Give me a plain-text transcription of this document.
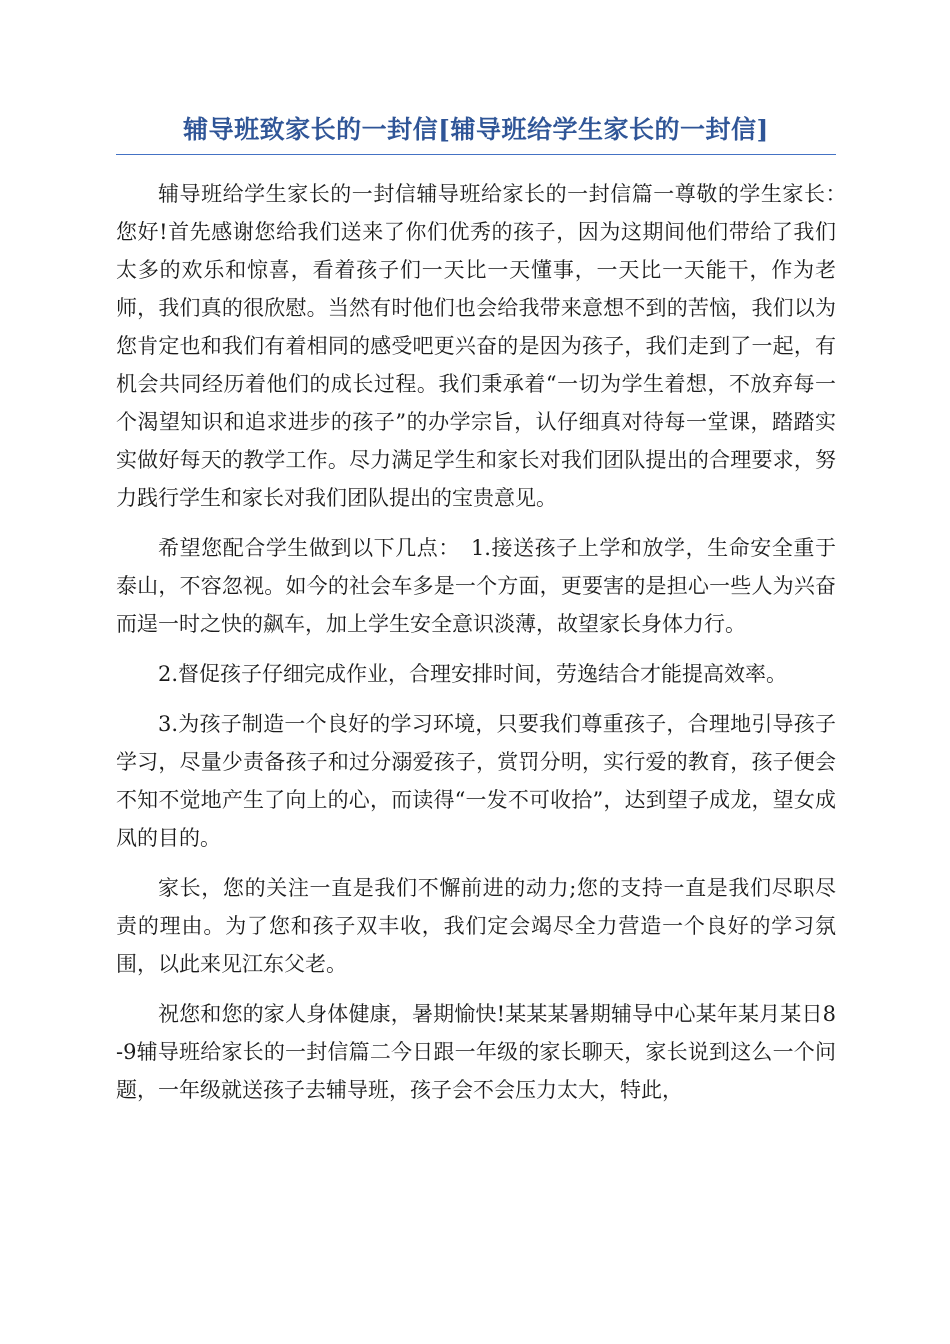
辅导班致家长的一封信[辅导班给学生家长的一封信]

辅导班给学生家长的一封信辅导班给家长的一封信篇一尊敬的学生家长：　 您好!首先感谢您给我们送来了你们优秀的孩子，因为这期间他们带给了我们太多的欢乐和惊喜，看着孩子们一天比一天懂事，一天比一天能干，作为老师，我们真的很欣慰。当然有时他们也会给我带来意想不到的苦恼，我们以为您肯定也和我们有着相同的感受吧更兴奋的是因为孩子，我们走到了一起，有机会共同经历着他们的成长过程。我们秉承着“一切为学生着想，不放弃每一个渴望知识和追求进步的孩子”的办学宗旨，认仔细真对待每一堂课，踏踏实实做好每天的教学工作。尽力满足学生和家长对我们团队提出的合理要求，努力践行学生和家长对我们团队提出的宝贵意见。

希望您配合学生做到以下几点：　1.接送孩子上学和放学，生命安全重于泰山，不容忽视。如今的社会车多是一个方面，更要害的是担心一些人为兴奋而逞一时之快的飙车，加上学生安全意识淡薄，故望家长身体力行。

2.督促孩子仔细完成作业，合理安排时间，劳逸结合才能提高效率。

3.为孩子制造一个良好的学习环境，只要我们尊重孩子，合理地引导孩子学习，尽量少责备孩子和过分溺爱孩子，赏罚分明，实行爱的教育，孩子便会不知不觉地产生了向上的心，而读得“一发不可收拾”，达到望子成龙，望女成凤的目的。

家长，您的关注一直是我们不懈前进的动力;您的支持一直是我们尽职尽责的理由。为了您和孩子双丰收，我们定会竭尽全力营造一个良好的学习氛围，以此来见江东父老。

祝您和您的家人身体健康，暑期愉快!某某某暑期辅导中心某年某月某日8-9辅导班给家长的一封信篇二今日跟一年级的家长聊天，家长说到这么一个问题，一年级就送孩子去辅导班，孩子会不会压力太大，特此，
